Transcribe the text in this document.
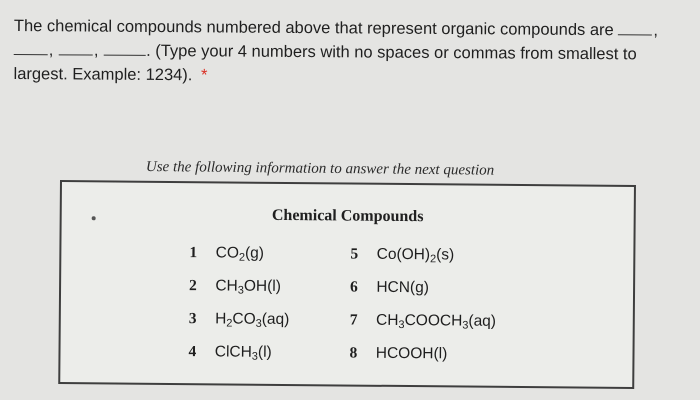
The chemical compounds numbered above that represent organic compounds are , , ,	. (Type your 4 numbers with no spaces or commas from smallest to largest. Example: 1234). *
Use the following information to answer the next question
Chemical Compounds
1 $CO_2(g)$
2 $CH_3OH(l)$
3 $H_2CO_3(aq)$
4 ClCH$_3$(l)
5 $Co(OH)_2(s)$
6 HCN(g)
7 $CH_3COOCH_3(aq)$
8 HCOOH(l)
